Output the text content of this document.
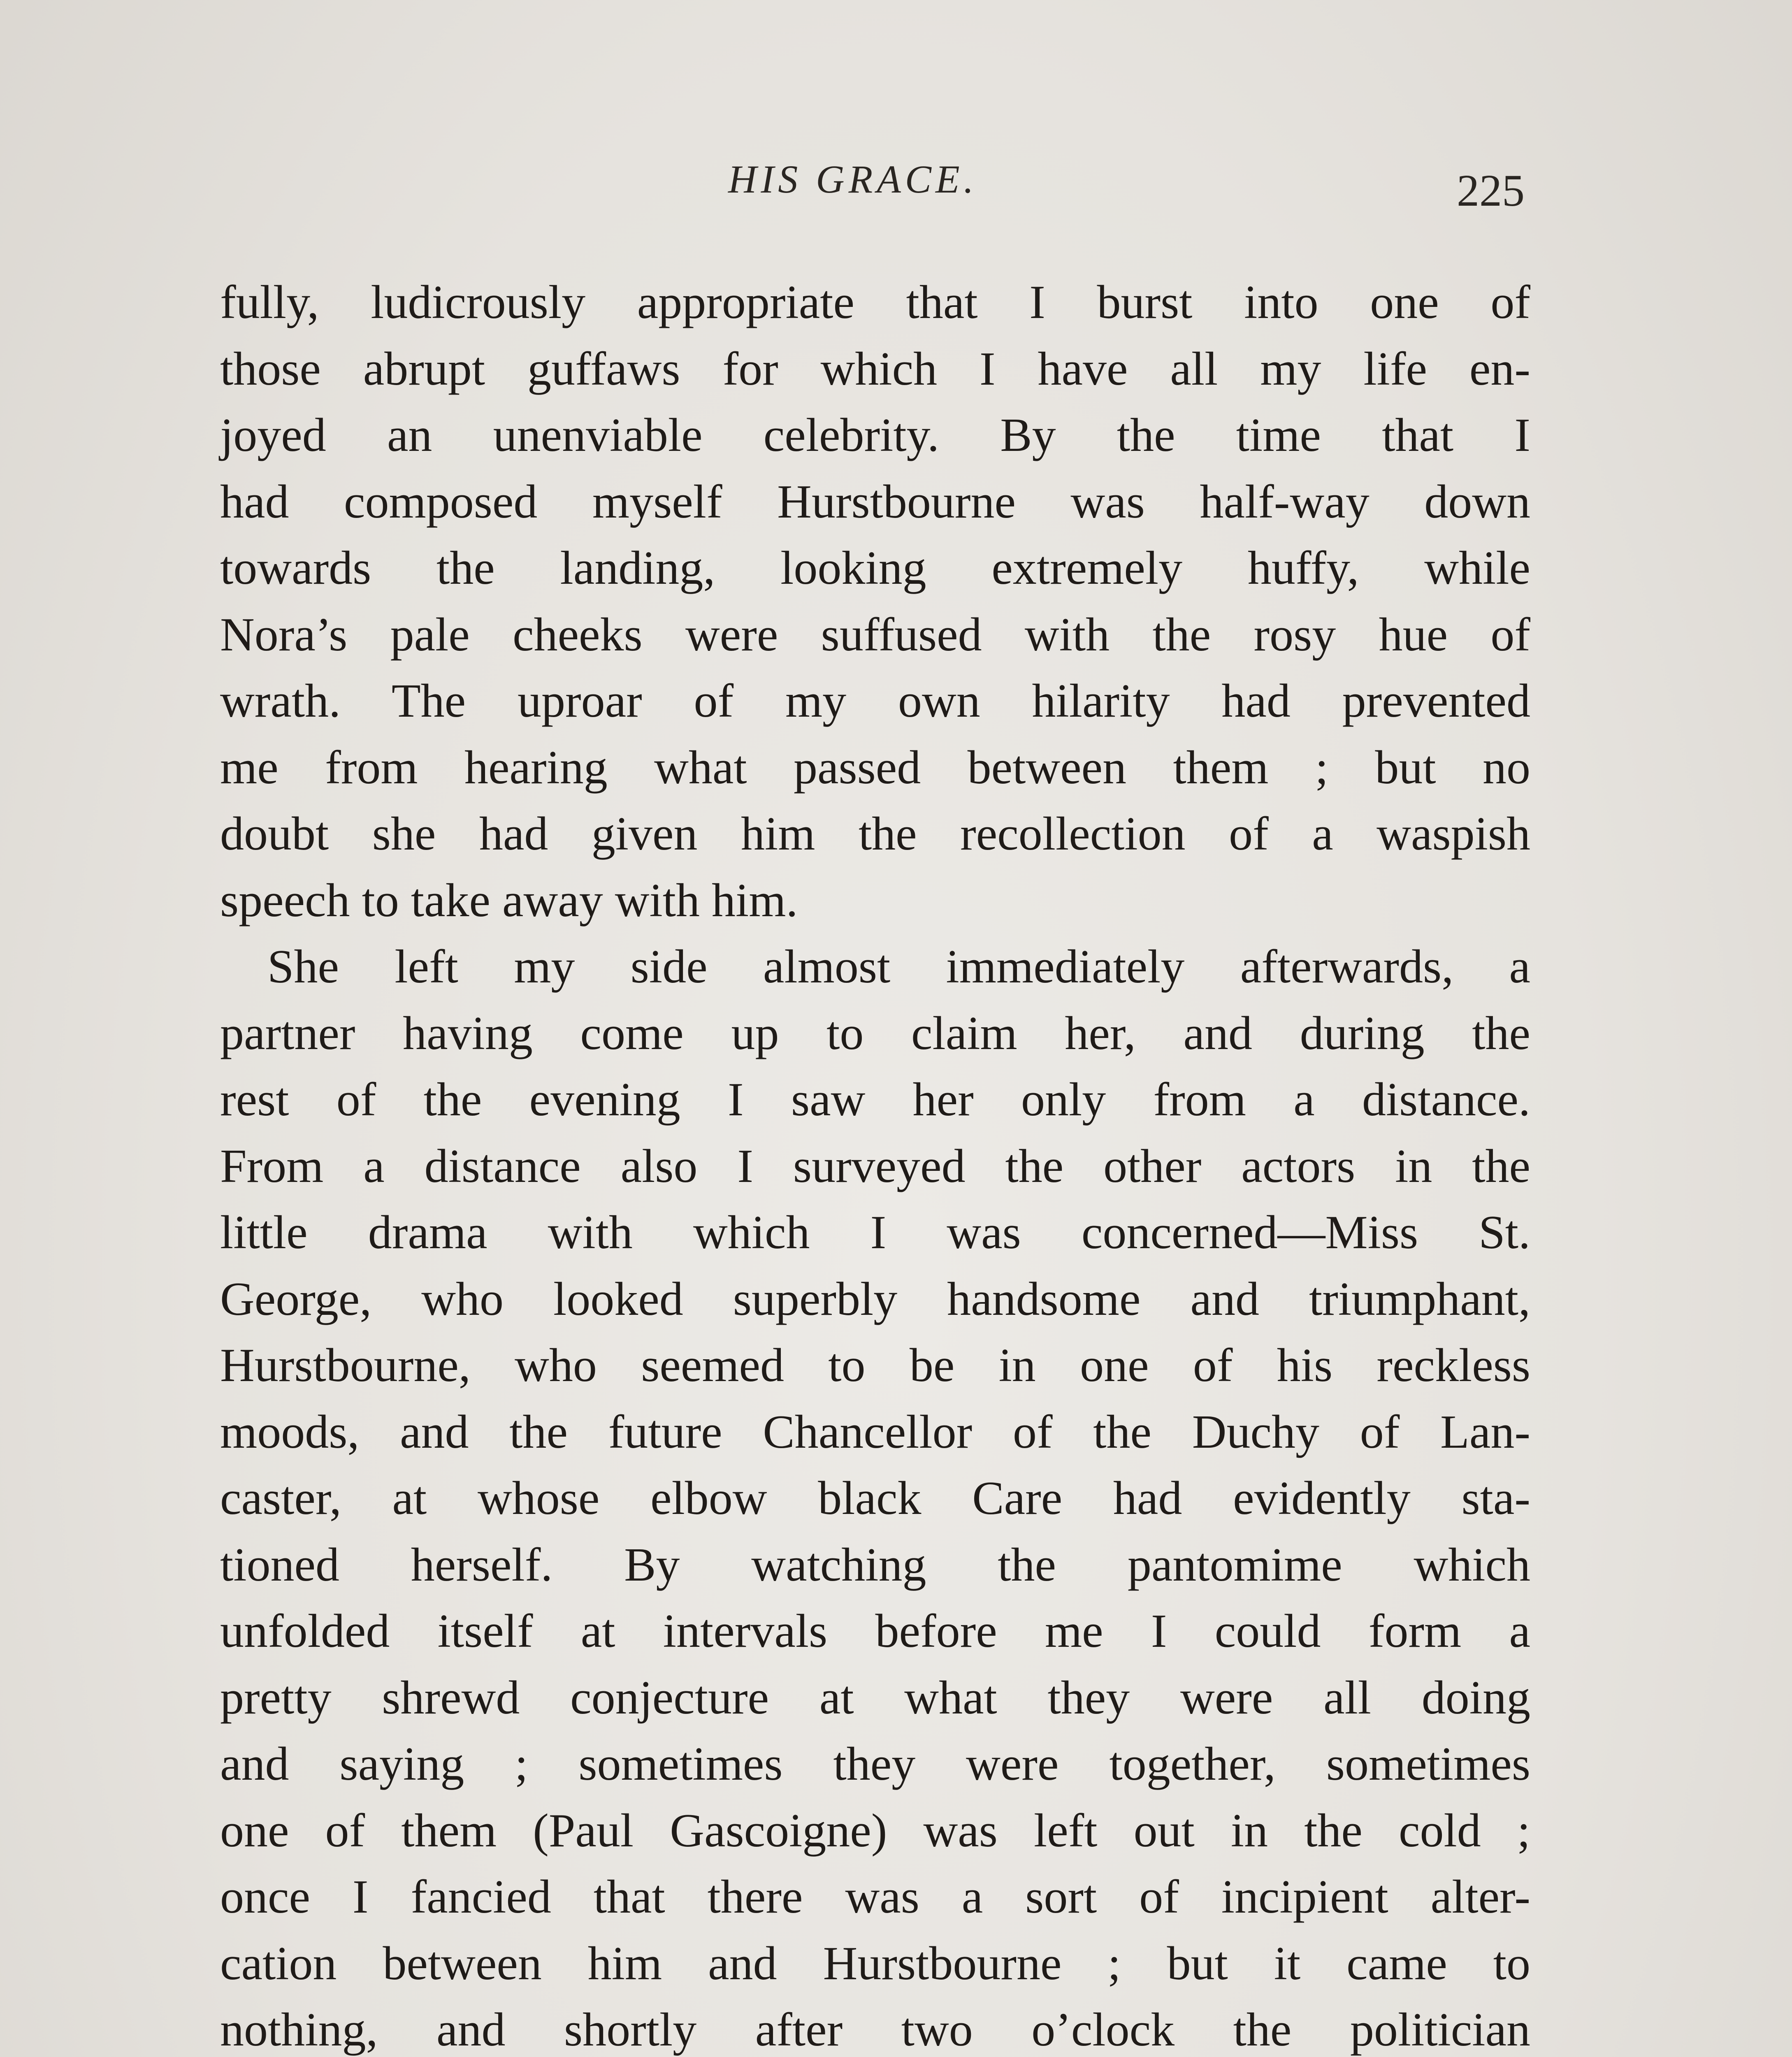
HIS GRACE.	225
fully, ludicrously appropriate that I burst into one of
those abrupt guffaws for which I have all my life en-
joyed an unenviable celebrity. By the time that I
had composed myself Hurstbourne was half-way down
towards the landing, looking extremely huffy, while
Nora’s pale cheeks were suffused with the rosy hue of
wrath. The uproar of my own hilarity had prevented
me from hearing what passed between them ; but no
doubt she had given him the recollection of a waspish
speech to take away with him.
She left my side almost immediately afterwards, a
partner having come up to claim her, and during the
rest of the evening I saw her only from a distance.
From a distance also I surveyed the other actors in the
little drama with which I was concerned—Miss St.
George, who looked superbly handsome and triumphant,
Hurstbourne, who seemed to be in one of his reckless
moods, and the future Chancellor of the Duchy of Lan-
caster, at whose elbow black Care had evidently sta-
tioned herself. By watching the pantomime which
unfolded itself at intervals before me I could form a
pretty shrewd conjecture at what they were all doing
and saying ; sometimes they were together, sometimes
one of them (Paul Gascoigne) was left out in the cold ;
once I fancied that there was a sort of incipient alter-
cation between him and Hurstbourne ; but it came to
nothing, and shortly after two o’clock the politician
